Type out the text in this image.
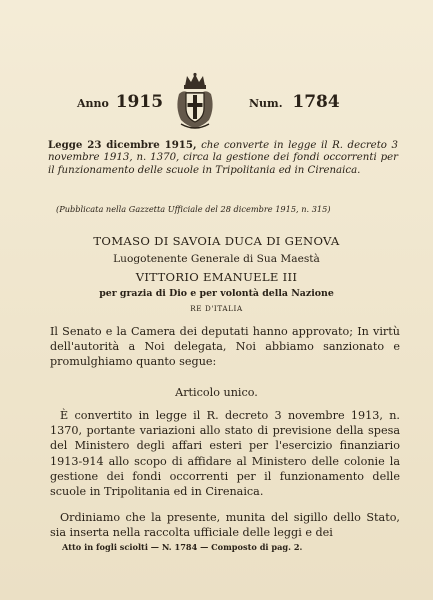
Anno 1915	Num. 1784
Legge 23 dicembre 1915, che converte in legge il R. decreto 3 novembre 1913, n. 1370, circa la gestione dei fondi occorrenti per il funzionamento delle scuole in Tripolitania ed in Cirenaica.
(Pubblicata nella Gazzetta Ufficiale del 28 dicembre 1915, n. 315)
TOMASO DI SAVOIA DUCA DI GENOVA
Luogotenente Generale di Sua Maestà
VITTORIO EMANUELE III
per grazia di Dio e per volontà della Nazione
RE D'ITALIA
Il Senato e la Camera dei deputati hanno approvato; In virtù dell'autorità a Noi delegata, Noi abbiamo sanzionato e promulghiamo quanto segue:
Articolo unico.
È convertito in legge il R. decreto 3 novembre 1913, n. 1370, portante variazioni allo stato di previsione della spesa del Ministero degli affari esteri per l'esercizio finanziario 1913-914 allo scopo di affidare al Ministero delle colonie la gestione dei fondi occorrenti per il funzionamento delle scuole in Tripolitania ed in Cirenaica.
Ordiniamo che la presente, munita del sigillo dello Stato, sia inserta nella raccolta ufficiale delle leggi e dei
Atto in fogli sciolti — N. 1784 — Composto di pag. 2.
